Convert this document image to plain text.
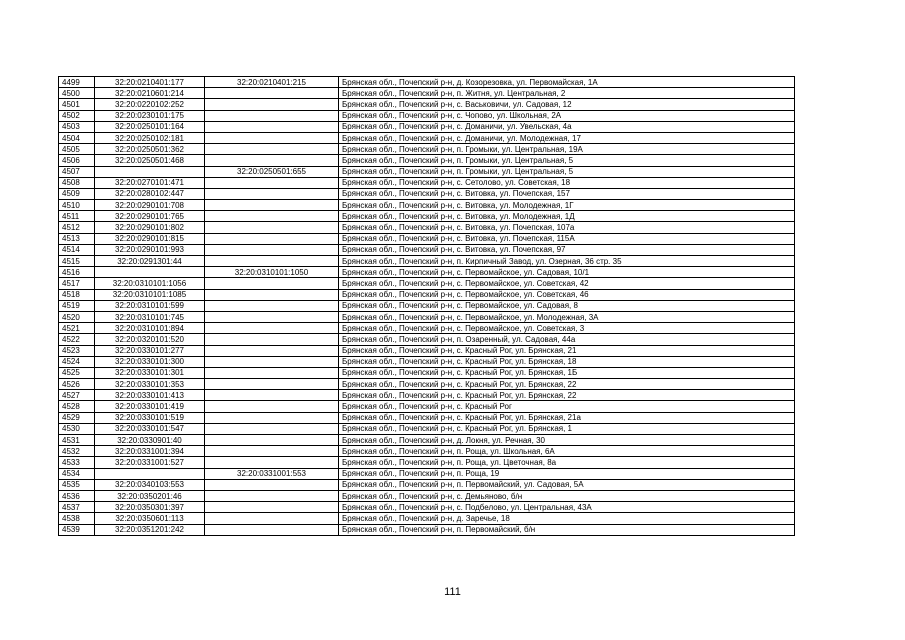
4499	32:20:0210401:177	32:20:0210401:215	Брянская обл., Почепский р-н, д. Козорезовка, ул. Первомайская, 1А
4500	32:20:0210601:214		Брянская обл., Почепский р-н, п. Житня, ул. Центральная, 2
4501	32:20:0220102:252		Брянская обл., Почепский р-н, с. Васьковичи, ул. Садовая, 12
4502	32:20:0230101:175		Брянская обл., Почепский р-н, с. Чопово, ул. Школьная, 2А
4503	32:20:0250101:164		Брянская обл., Почепский р-н, с. Доманичи, ул. Увельская, 4а
4504	32:20:0250102:181		Брянская обл., Почепский р-н, с. Доманичи, ул. Молодежная, 17
4505	32:20:0250501:362		Брянская обл., Почепский р-н, п. Громыки, ул. Центральная, 19А
4506	32:20:0250501:468		Брянская обл., Почепский р-н, п. Громыки, ул. Центральная, 5
4507		32:20:0250501:655	Брянская обл., Почепский р-н, п. Громыки, ул. Центральная, 5
4508	32:20:0270101:471		Брянская обл., Почепский р-н, с. Сетолово, ул. Советская, 18
4509	32:20:0280102:447		Брянская обл., Почепский р-н, с. Витовка, ул. Почепская, 157
4510	32:20:0290101:708		Брянская обл., Почепский р-н, с. Витовка, ул. Молодежная, 1Г
4511	32:20:0290101:765		Брянская обл., Почепский р-н, с. Витовка, ул. Молодежная, 1Д
4512	32:20:0290101:802		Брянская обл., Почепский р-н, с. Витовка, ул. Почепская, 107а
4513	32:20:0290101:815		Брянская обл., Почепский р-н, с. Витовка, ул. Почепская, 115А
4514	32:20:0290101:993		Брянская обл., Почепский р-н, с. Витовка, ул. Почепская, 97
4515	32:20:0291301:44		Брянская обл., Почепский р-н, п. Кирпичный Завод, ул. Озерная, 36 стр. 35
4516		32:20:0310101:1050	Брянская обл., Почепский р-н, с. Первомайское, ул. Садовая, 10/1
4517	32:20:0310101:1056		Брянская обл., Почепский р-н, с. Первомайское, ул. Советская, 42
4518	32:20:0310101:1085		Брянская обл., Почепский р-н, с. Первомайское, ул. Советская, 46
4519	32:20:0310101:599		Брянская обл., Почепский р-н, с. Первомайское, ул. Садовая, 8
4520	32:20:0310101:745		Брянская обл., Почепский р-н, с. Первомайское, ул. Молодежная, 3А
4521	32:20:0310101:894		Брянская обл., Почепский р-н, с. Первомайское, ул. Советская, 3
4522	32:20:0320101:520		Брянская обл., Почепский р-н, п. Озаренный, ул. Садовая, 44а
4523	32:20:0330101:277		Брянская обл., Почепский р-н, с. Красный Рог, ул. Брянская, 21
4524	32:20:0330101:300		Брянская обл., Почепский р-н, с. Красный Рог, ул. Брянская, 18
4525	32:20:0330101:301		Брянская обл., Почепский р-н, с. Красный Рог, ул. Брянская, 1Б
4526	32:20:0330101:353		Брянская обл., Почепский р-н, с. Красный Рог, ул. Брянская, 22
4527	32:20:0330101:413		Брянская обл., Почепский р-н, с. Красный Рог, ул. Брянская, 22
4528	32:20:0330101:419		Брянская обл., Почепский р-н, с. Красный Рог
4529	32:20:0330101:519		Брянская обл., Почепский р-н, с. Красный Рог, ул. Брянская, 21а
4530	32:20:0330101:547		Брянская обл., Почепский р-н, с. Красный Рог, ул. Брянская, 1
4531	32:20:0330901:40		Брянская обл., Почепский р-н, д. Локня, ул. Речная, 30
4532	32:20:0331001:394		Брянская обл., Почепский р-н, п. Роща, ул. Школьная, 6А
4533	32:20:0331001:527		Брянская обл., Почепский р-н, п. Роща, ул. Цветочная, 8а
4534		32:20:0331001:553	Брянская обл., Почепский р-н, п. Роща, 19
4535	32:20:0340103:553		Брянская обл., Почепский р-н, п. Первомайский, ул. Садовая, 5А
4536	32:20:0350201:46		Брянская обл., Почепский р-н, с. Демьяново, б/н
4537	32:20:0350301:397		Брянская обл., Почепский р-н, с. Подбелово, ул. Центральная, 43А
4538	32:20:0350601:113		Брянская обл., Почепский р-н, д. Заречье, 18
4539	32:20:0351201:242		Брянская обл., Почепский р-н, п. Первомайский, б/н
111
